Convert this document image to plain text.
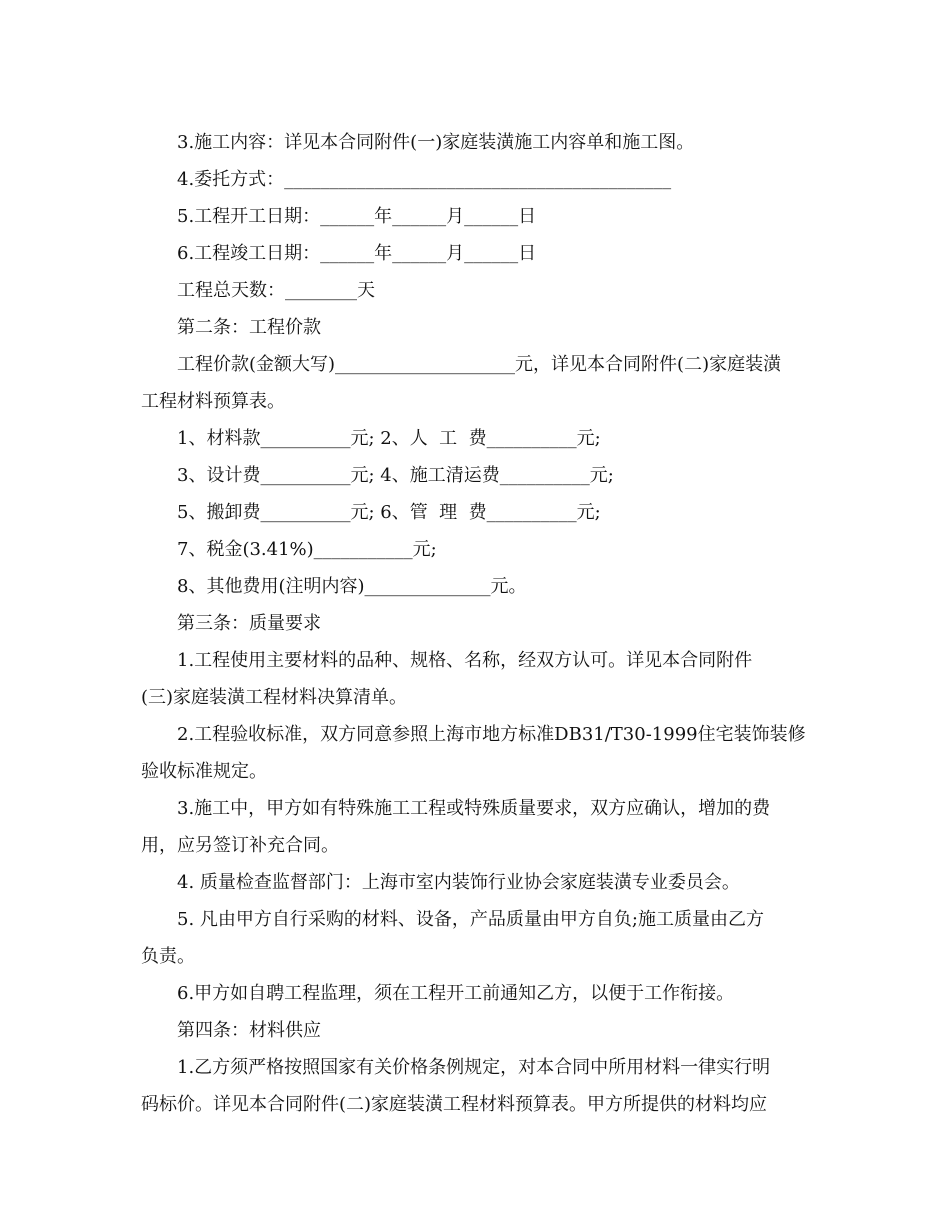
3.施工内容：详见本合同附件(一)家庭装潢施工内容单和施工图。
4.委托方式：___________________________________________
5.工程开工日期：______年______月______日
6.工程竣工日期：______年______月______日
工程总天数：________天
第二条：工程价款
工程价款(金额大写)____________________元，详见本合同附件(二)家庭装潢
工程材料预算表。
1、材料款__________元; 2、人  工  费__________元;
3、设计费__________元; 4、施工清运费__________元;
5、搬卸费__________元; 6、管  理  费__________元;
7、税金(3.41%)___________元;
8、其他费用(注明内容)______________元。
第三条：质量要求
1.工程使用主要材料的品种、规格、名称，经双方认可。详见本合同附件
(三)家庭装潢工程材料决算清单。
2.工程验收标准，双方同意参照上海市地方标准DB31/T30-1999住宅装饰装修
验收标准规定。
3.施工中，甲方如有特殊施工工程或特殊质量要求，双方应确认，增加的费
用，应另签订补充合同。
4. 质量检查监督部门：上海市室内装饰行业协会家庭装潢专业委员会。
5. 凡由甲方自行采购的材料、设备，产品质量由甲方自负;施工质量由乙方
负责。
6.甲方如自聘工程监理，须在工程开工前通知乙方，以便于工作衔接。
第四条：材料供应
1.乙方须严格按照国家有关价格条例规定，对本合同中所用材料一律实行明
码标价。详见本合同附件(二)家庭装潢工程材料预算表。甲方所提供的材料均应
